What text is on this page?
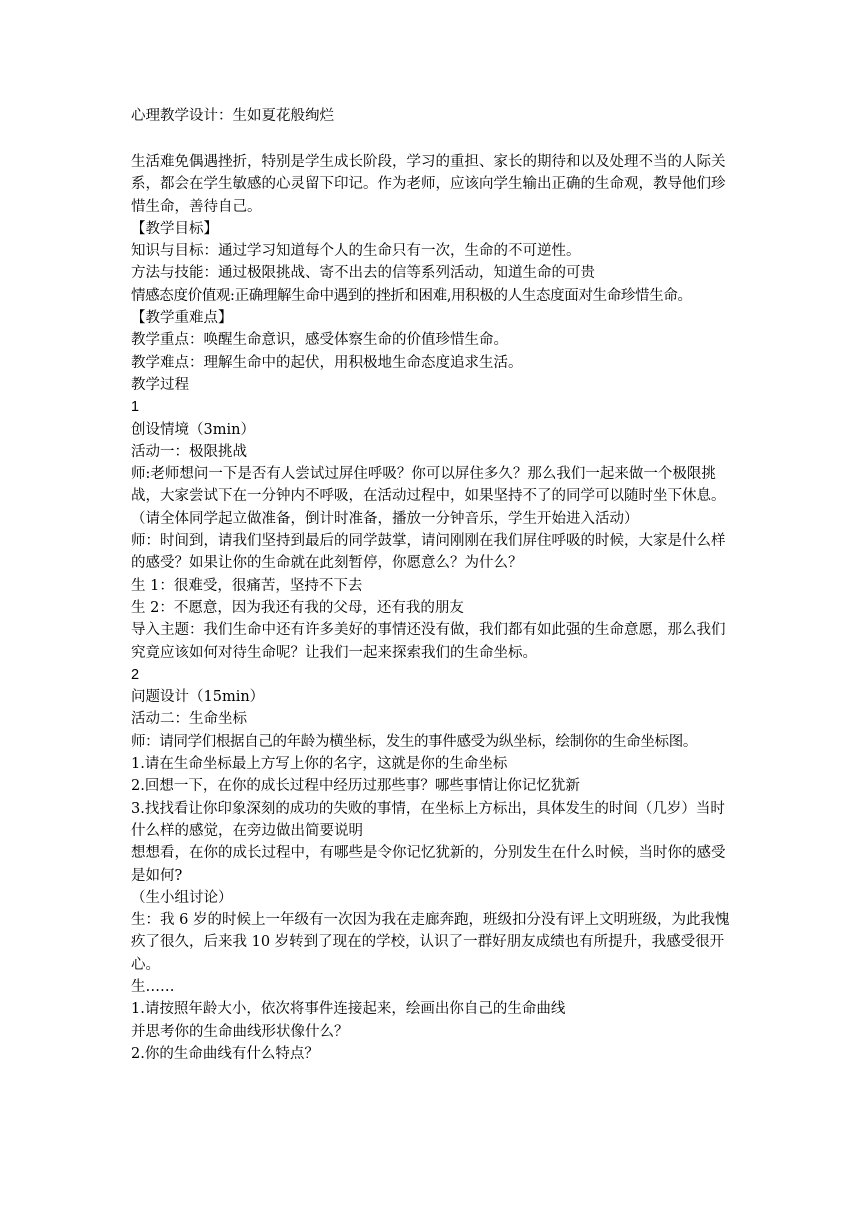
心理教学设计：生如夏花般绚烂

生活难免偶遇挫折，特别是学生成长阶段，学习的重担、家长的期待和以及处理不当的人际关系，都会在学生敏感的心灵留下印记。作为老师，应该向学生输出正确的生命观，教导他们珍惜生命，善待自己。

【教学目标】

知识与目标：通过学习知道每个人的生命只有一次，生命的不可逆性。

方法与技能：通过极限挑战、寄不出去的信等系列活动，知道生命的可贵

情感态度价值观:正确理解生命中遇到的挫折和困难,用积极的人生态度面对生命珍惜生命。

【教学重难点】

教学重点：唤醒生命意识，感受体察生命的价值珍惜生命。

教学难点：理解生命中的起伏，用积极地生命态度追求生活。

教学过程

1

创设情境（3min）

活动一：极限挑战

师:老师想问一下是否有人尝试过屏住呼吸？你可以屏住多久？那么我们一起来做一个极限挑战，大家尝试下在一分钟内不呼吸，在活动过程中，如果坚持不了的同学可以随时坐下休息。

（请全体同学起立做准备，倒计时准备，播放一分钟音乐，学生开始进入活动）

师：时间到，请我们坚持到最后的同学鼓掌，请问刚刚在我们屏住呼吸的时候，大家是什么样的感受？如果让你的生命就在此刻暂停，你愿意么？为什么？

生 1：很难受，很痛苦，坚持不下去

生 2：不愿意，因为我还有我的父母，还有我的朋友

导入主题：我们生命中还有许多美好的事情还没有做，我们都有如此强的生命意愿，那么我们究竟应该如何对待生命呢？让我们一起来探索我们的生命坐标。

2

问题设计（15min）

活动二：生命坐标

师：请同学们根据自己的年龄为横坐标，发生的事件感受为纵坐标，绘制你的生命坐标图。

1.请在生命坐标最上方写上你的名字，这就是你的生命坐标

2.回想一下，在你的成长过程中经历过那些事？哪些事情让你记忆犹新

3.找找看让你印象深刻的成功的失败的事情，在坐标上方标出，具体发生的时间（几岁）当时什么样的感觉，在旁边做出简要说明

想想看，在你的成长过程中，有哪些是令你记忆犹新的，分别发生在什么时候，当时你的感受是如何?

（生小组讨论）

生：我 6 岁的时候上一年级有一次因为我在走廊奔跑，班级扣分没有评上文明班级，为此我愧疚了很久，后来我 10 岁转到了现在的学校，认识了一群好朋友成绩也有所提升，我感受很开心。

生……

1.请按照年龄大小，依次将事件连接起来，绘画出你自己的生命曲线

并思考你的生命曲线形状像什么？

2.你的生命曲线有什么特点？
